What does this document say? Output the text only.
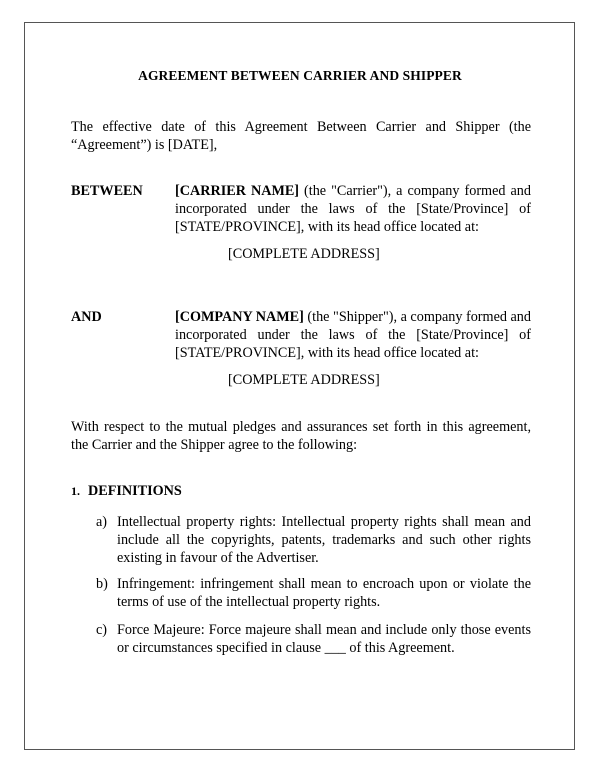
AGREEMENT BETWEEN CARRIER AND SHIPPER
The effective date of this Agreement Between Carrier and Shipper (the “Agreement”) is [DATE],
BETWEEN [CARRIER NAME] (the "Carrier"), a company formed and incorporated under the laws of the [State/Province] of [STATE/PROVINCE], with its head office located at:
[COMPLETE ADDRESS]
AND	[COMPANY NAME] (the "Shipper"), a company formed and incorporated under the laws of the [State/Province] of [STATE/PROVINCE], with its head office located at:
[COMPLETE ADDRESS]
With respect to the mutual pledges and assurances set forth in this agreement, the Carrier and the Shipper agree to the following:
1. DEFINITIONS
a) Intellectual property rights: Intellectual property rights shall mean and include all the copyrights, patents, trademarks and such other rights existing in favour of the Advertiser.
b) Infringement: infringement shall mean to encroach upon or violate the terms of use of the intellectual property rights.
c) Force Majeure: Force majeure shall mean and include only those events or circumstances specified in clause ___ of this Agreement.
